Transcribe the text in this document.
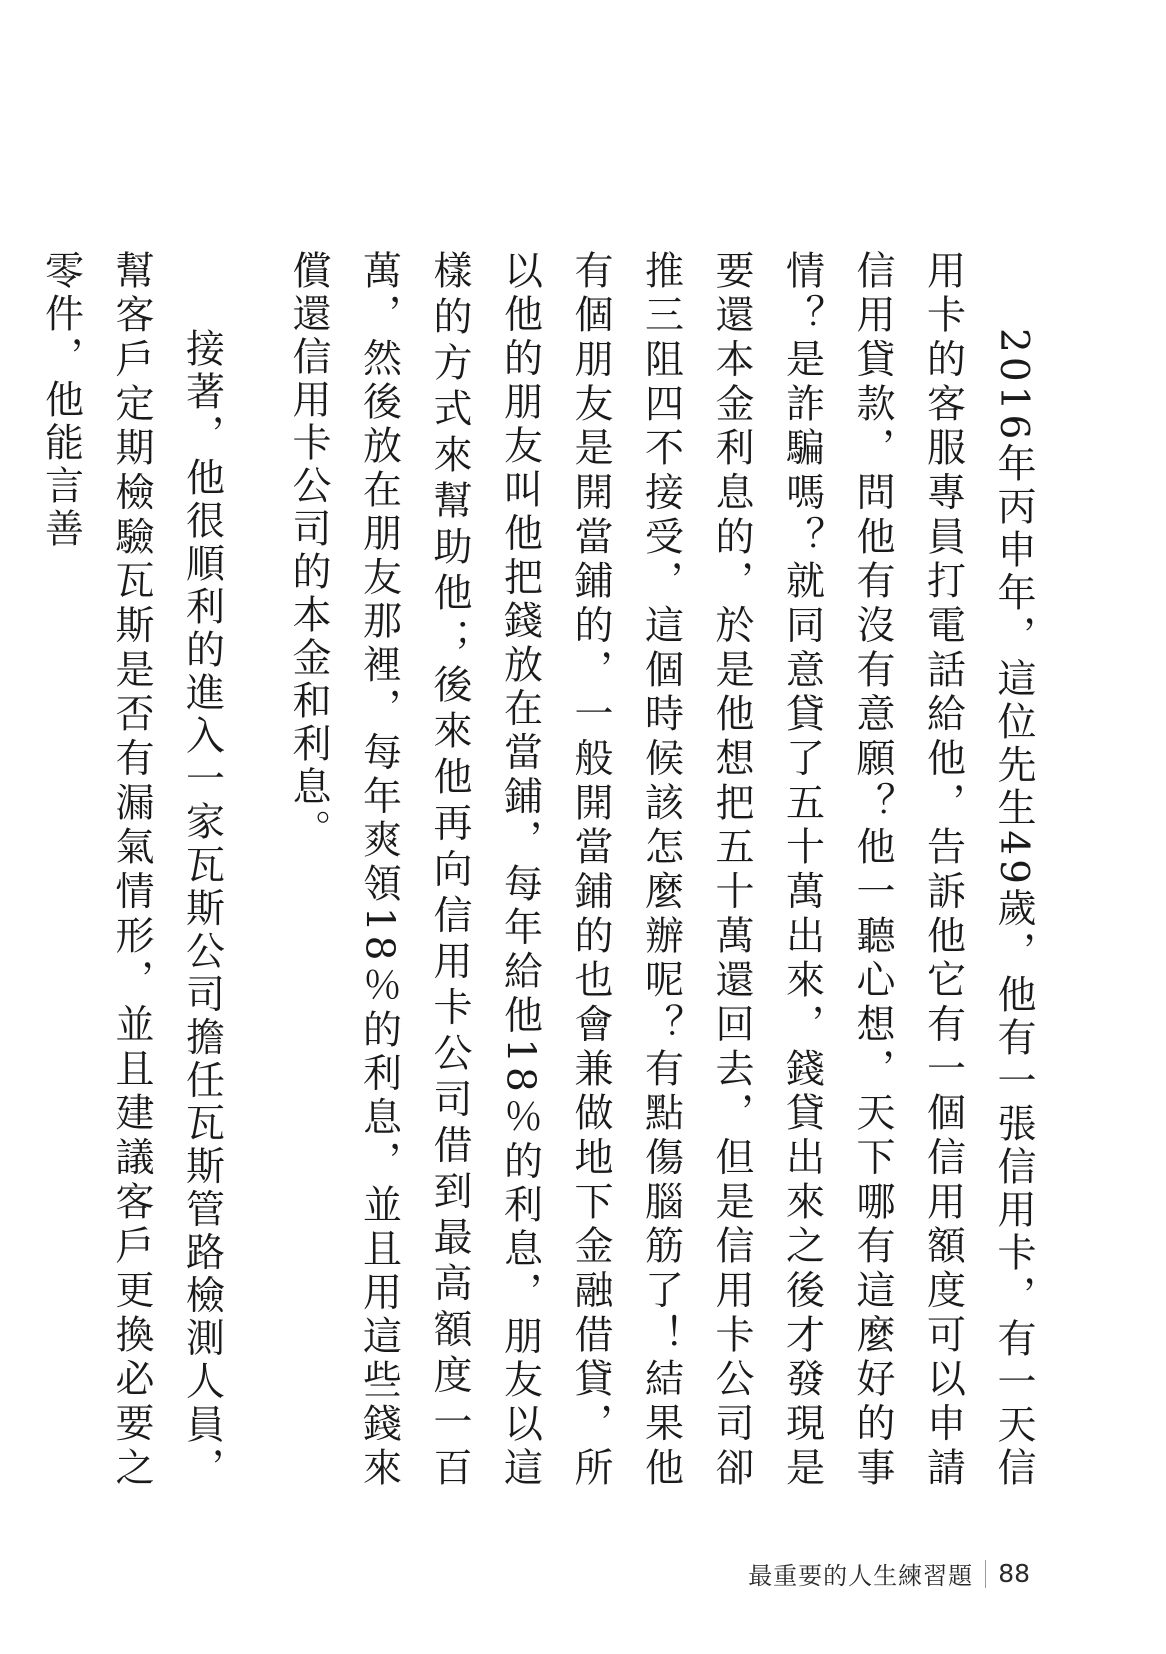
2016年丙申年，這位先生49歲，他有一張信用卡，有一天信用卡的客服專員打電話給他，告訴他它有一個信用額度可以申請信用貸款，問他有沒有意願？他一聽心想，天下哪有這麼好的事情？是詐騙嗎？就同意貸了五十萬出來，錢貸出來之後才發現是要還本金利息的，於是他想把五十萬還回去，但是信用卡公司卻推三阻四不接受，這個時候該怎麼辦呢？有點傷腦筋了！結果他有個朋友是開當鋪的，一般開當鋪的也會兼做地下金融借貸，所以他的朋友叫他把錢放在當鋪，每年給他18％的利息，朋友以這樣的方式來幫助他；後來他再向信用卡公司借到最高額度一百萬，然後放在朋友那裡，每年爽領18％的利息，並且用這些錢來償還信用卡公司的本金和利息。

接著，他很順利的進入一家瓦斯公司擔任瓦斯管路檢測人員，幫客戶定期檢驗瓦斯是否有漏氣情形，並且建議客戶更換必要之零件，他能言善

最重要的人生練習題 88
